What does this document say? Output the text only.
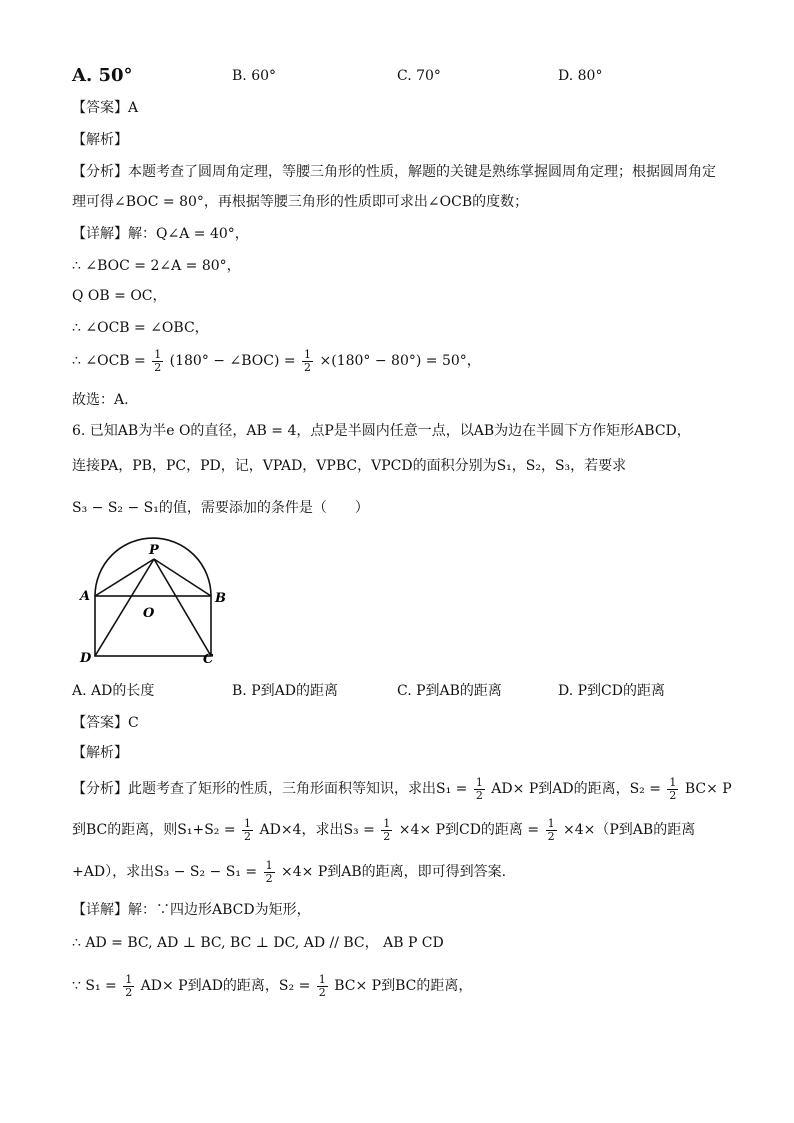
A. 50°	B. 60°	C. 70°	D. 80°
【答案】A
【解析】
【分析】本题考查了圆周角定理，等腰三角形的性质，解题的关键是熟练掌握圆周角定理；根据圆周角定
理可得∠BOC = 80°，再根据等腰三角形的性质即可求出∠OCB的度数；
【详解】解：Q∠A = 40°，
∴ ∠BOC = 2∠A = 80°，
Q OB = OC，
∴ ∠OCB = ∠OBC，
∴ ∠OCB = $\frac{1}{2} (180^\circ$ − ∠BOC) = $\frac{1}{2} \times(180^\circ - 80^\circ) = 50^\circ$，
故选：A.
6. 已知AB为半e O的直径，AB = 4，点P是半圆内任意一点，以AB为边在半圆下方作矩形ABCD，
连接PA，PB，PC，PD，记，VPAD，VPBC，VPCD的面积分别为S₁，S₂，S₃，若要求
S₃ − S₂ − S₁的值，需要添加的条件是（　　）
P
A	B
O
D	C
A. AD的长度	B. P到AD的距离	C. P到AB的距离	D. P到CD的距离
【答案】C
【解析】
【分析】此题考查了矩形的性质，三角形面积等知识，求出$S_1 = \frac{1}{2} AD\times P$到AD的距离，$S_2 = \frac{1}{2} BC\times P$
到BC的距离，则$S_1+S_2 = \frac{1}{2} AD\times 4$，求出$S_3 = \frac{1}{2} \times 4\times P$到CD的距离 = $\frac{1}{2} \times 4\times(P$到AB的距离
+AD），求出$S_3 - S_2 - S_1 = \frac{1}{2} \times 4\times P$到AB的距离，即可得到答案.
【详解】解：∵四边形ABCD为矩形，
∴ AD = BC, AD ⊥ BC, BC ⊥ DC, AD // BC， AB P CD
∵ $S_1 = \frac{1}{2} AD\times P$到AD的距离，$S_2 = \frac{1}{2} BC\times P$到BC的距离，
